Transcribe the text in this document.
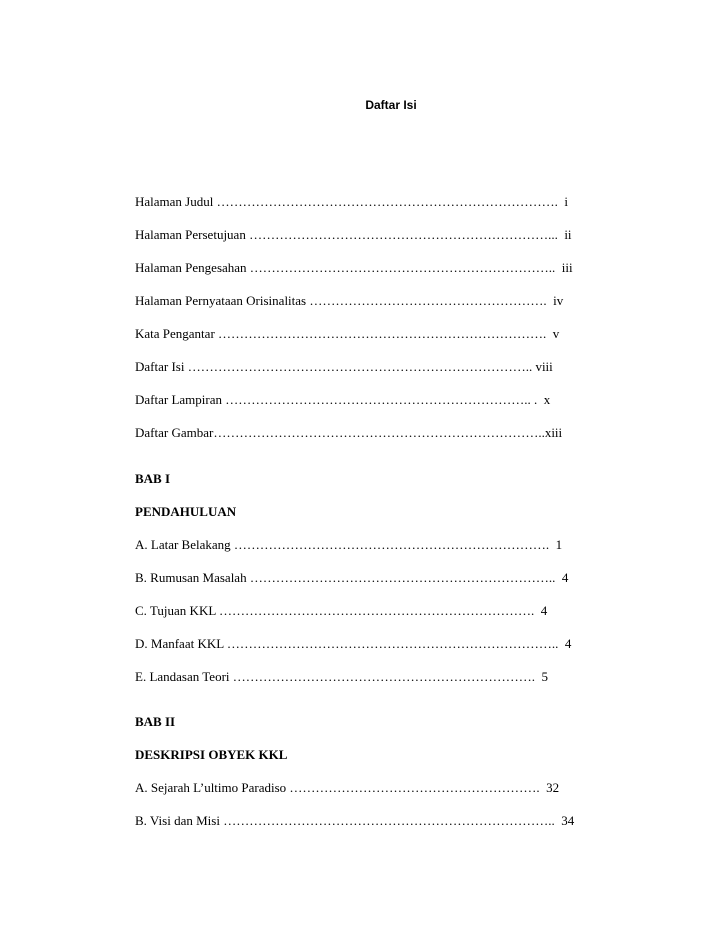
Daftar Isi
Halaman Judul …………………………………………………………………….  i
Halaman Persetujuan ……………………………………………………………...  ii
Halaman Pengesahan ……………………………………………………………..  iii
Halaman Pernyataan Orisinalitas ……………………………………………….  iv
Kata Pengantar ………………………………………………………………….  v
Daftar Isi …………………………………………………………………….. viii
Daftar Lampiran …………………………………………………………….. .  x
Daftar Gambar…………………………………………………………………..xiii
BAB I
PENDAHULUAN
A. Latar Belakang ……………………………………………………………….  1
B. Rumusan Masalah ……………………………………………………………..  4
C. Tujuan KKL ……………………………………………………………….  4
D. Manfaat KKL …………………………………………………………………..  4
E. Landasan Teori …………………………………………………………….  5
BAB II
DESKRIPSI OBYEK KKL
A. Sejarah L’ultimo Paradiso ………………………………………………….  32
B. Visi dan Misi …………………………………………………………………..  34
